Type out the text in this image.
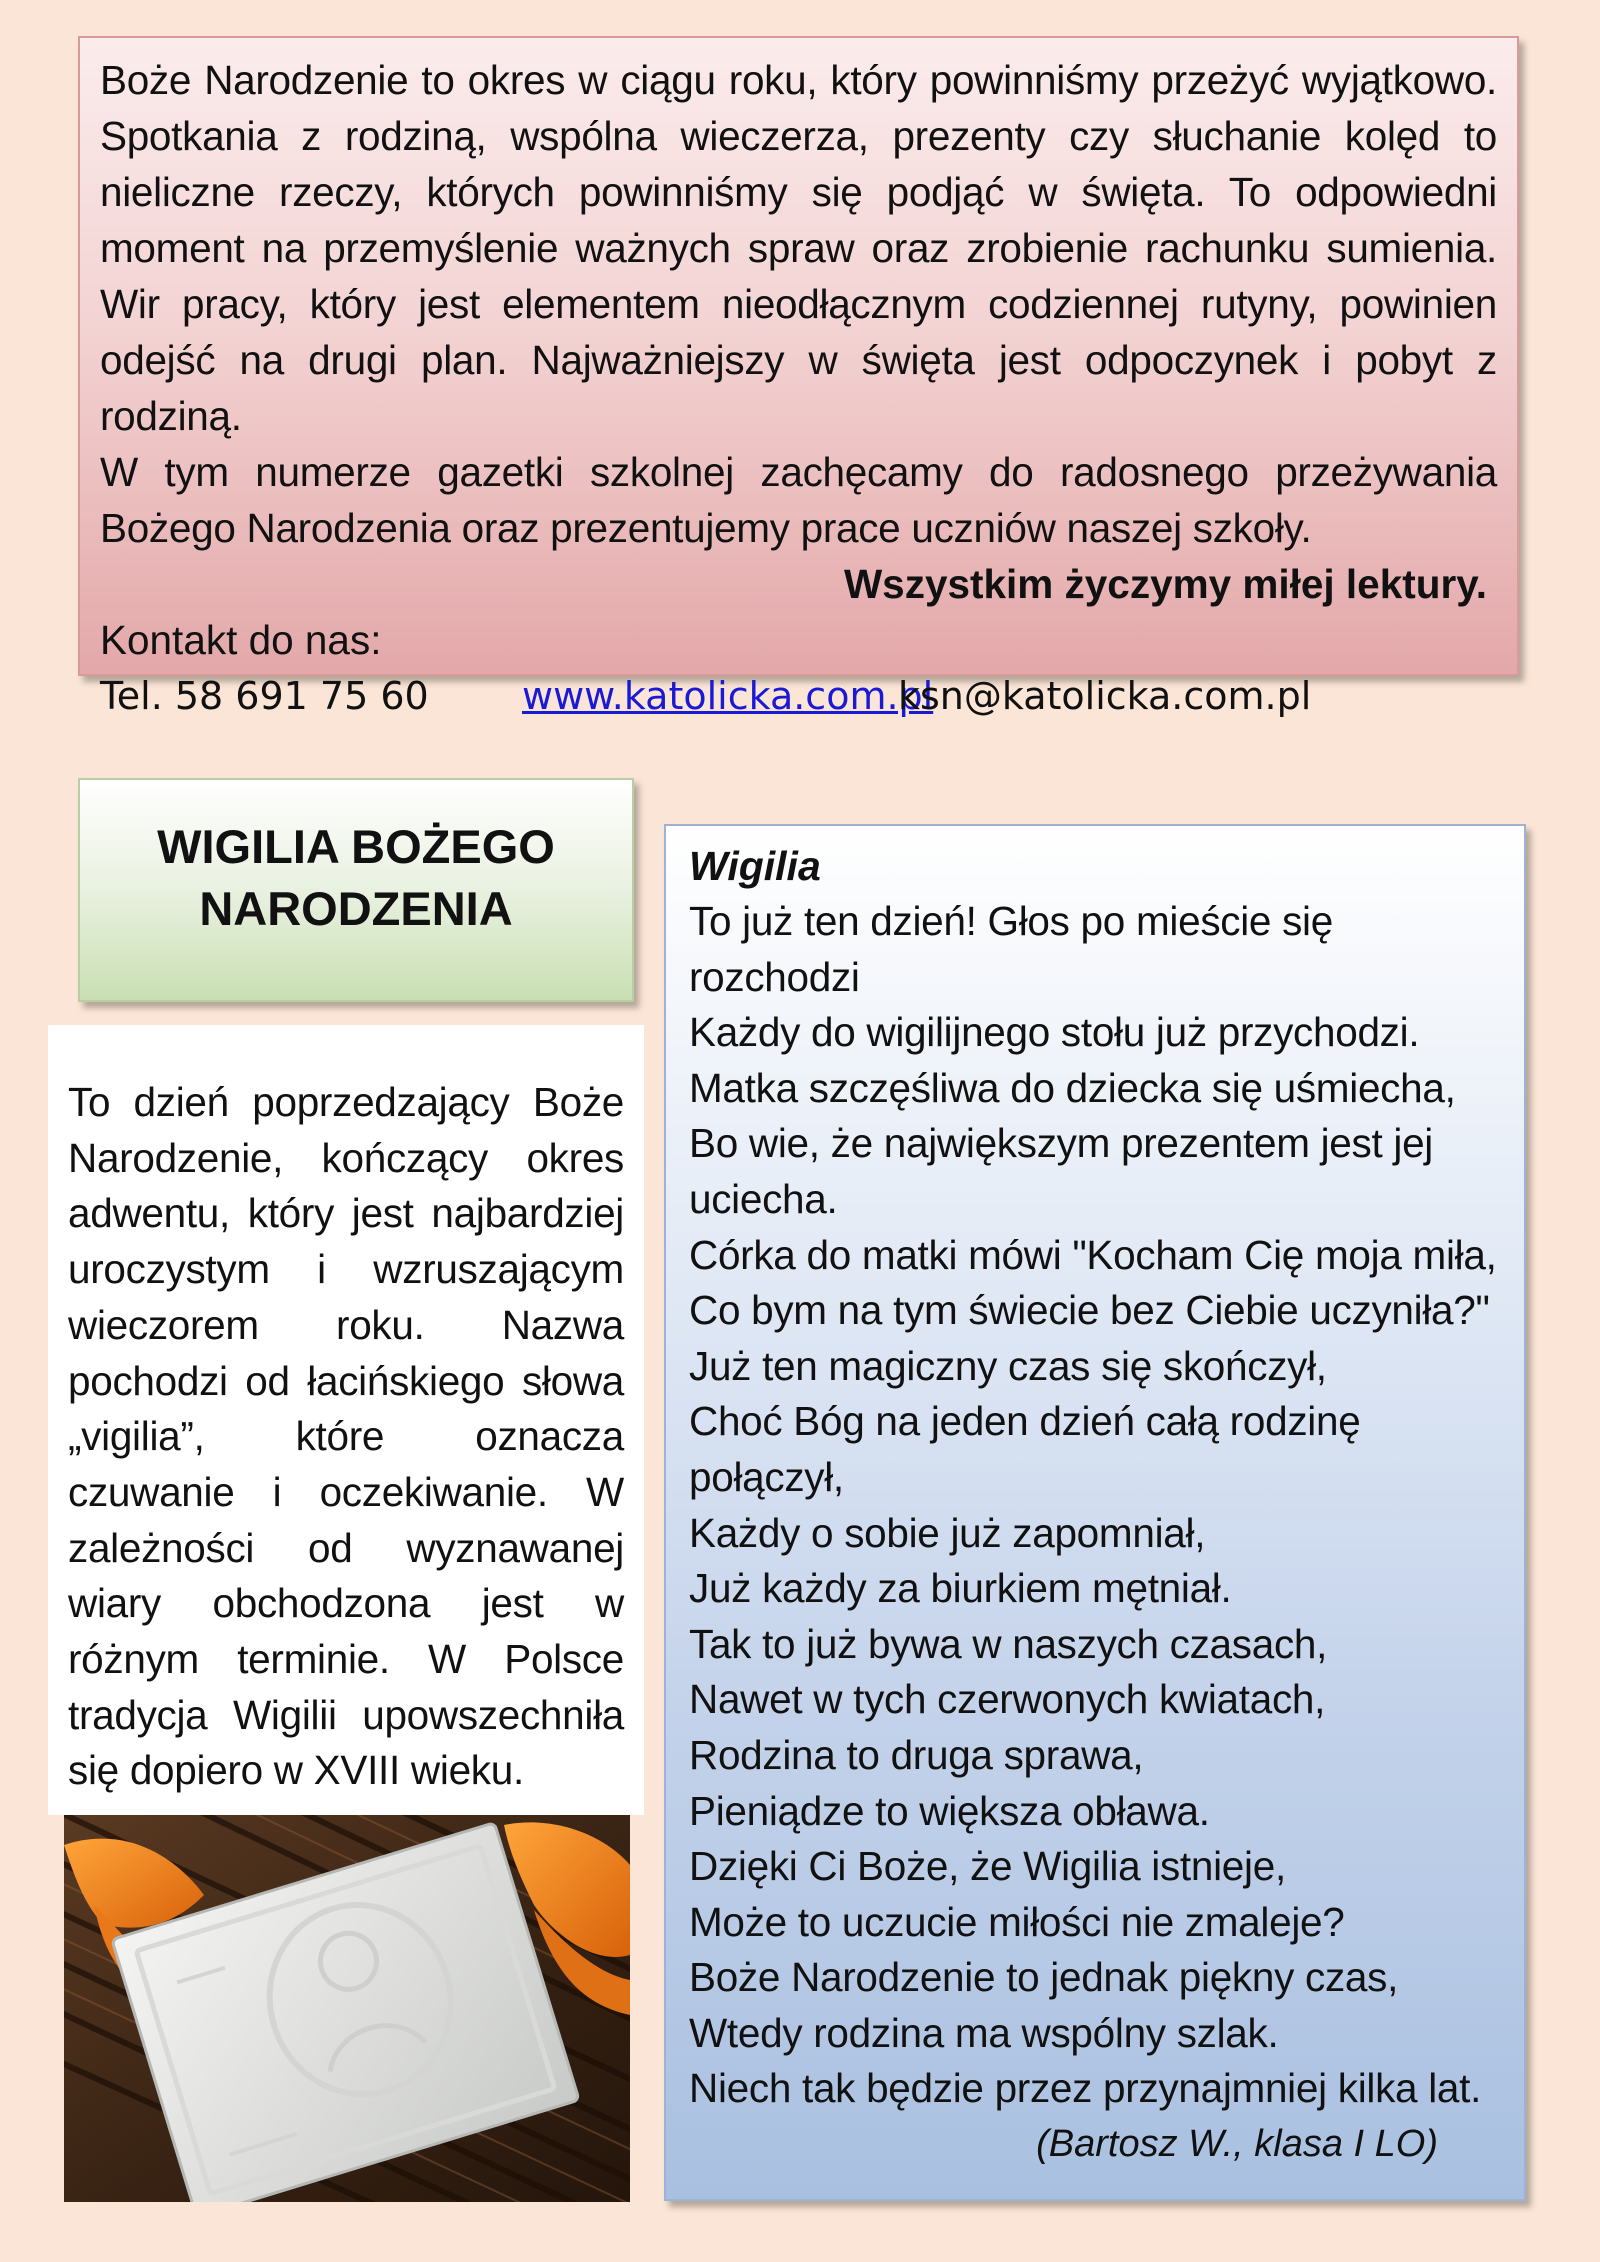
Boże Narodzenie to okres w ciągu roku, który powinniśmy przeżyć wyjątkowo.
Spotkania z rodziną, wspólna wieczerza, prezenty czy słuchanie kolęd to
nieliczne rzeczy, których powinniśmy się podjąć w święta. To odpowiedni
moment na przemyślenie ważnych spraw oraz zrobienie rachunku sumienia.
Wir pracy, który jest elementem nieodłącznym codziennej rutyny, powinien
odejść na drugi plan. Najważniejszy w święta jest odpoczynek i pobyt z rodziną.
W tym numerze gazetki szkolnej zachęcamy do radosnego przeżywania
Bożego Narodzenia oraz prezentujemy prace uczniów naszej szkoły.
Wszystkim życzymy miłej lektury.
Kontakt do nas:
Tel. 58 691 75 60 www.katolicka.com.pl
ksn@katolicka.com.pl
WIGILIA BOŻEGO
NARODZENIA

To dzień poprzedzający Boże Narodzenie, kończący okres adwentu, który jest najbardziej uroczystym i wzruszającym wieczorem roku. Nazwa pochodzi od łacińskiego słowa „vigilia”, które oznacza czuwanie i oczekiwanie. W zależności od wyznawanej wiary obchodzona jest w różnym terminie. W Polsce tradycja Wigilii upowszechniła się dopiero w XVIII wieku.

Wigilia
To już ten dzień! Głos po mieście się
rozchodzi
Każdy do wigilijnego stołu już przychodzi.
Matka szczęśliwa do dziecka się uśmiecha,
Bo wie, że największym prezentem jest jej
uciecha.
Córka do matki mówi "Kocham Cię moja miła,
Co bym na tym świecie bez Ciebie uczyniła?"
Już ten magiczny czas się skończył,
Choć Bóg na jeden dzień całą rodzinę
połączył,
Każdy o sobie już zapomniał,
Już każdy za biurkiem mętniał.
Tak to już bywa w naszych czasach,
Nawet w tych czerwonych kwiatach,
Rodzina to druga sprawa,
Pieniądze to większa obława.
Dzięki Ci Boże, że Wigilia istnieje,
Może to uczucie miłości nie zmaleje?
Boże Narodzenie to jednak piękny czas,
Wtedy rodzina ma wspólny szlak.
Niech tak będzie przez przynajmniej kilka lat.
(Bartosz W., klasa I LO)
